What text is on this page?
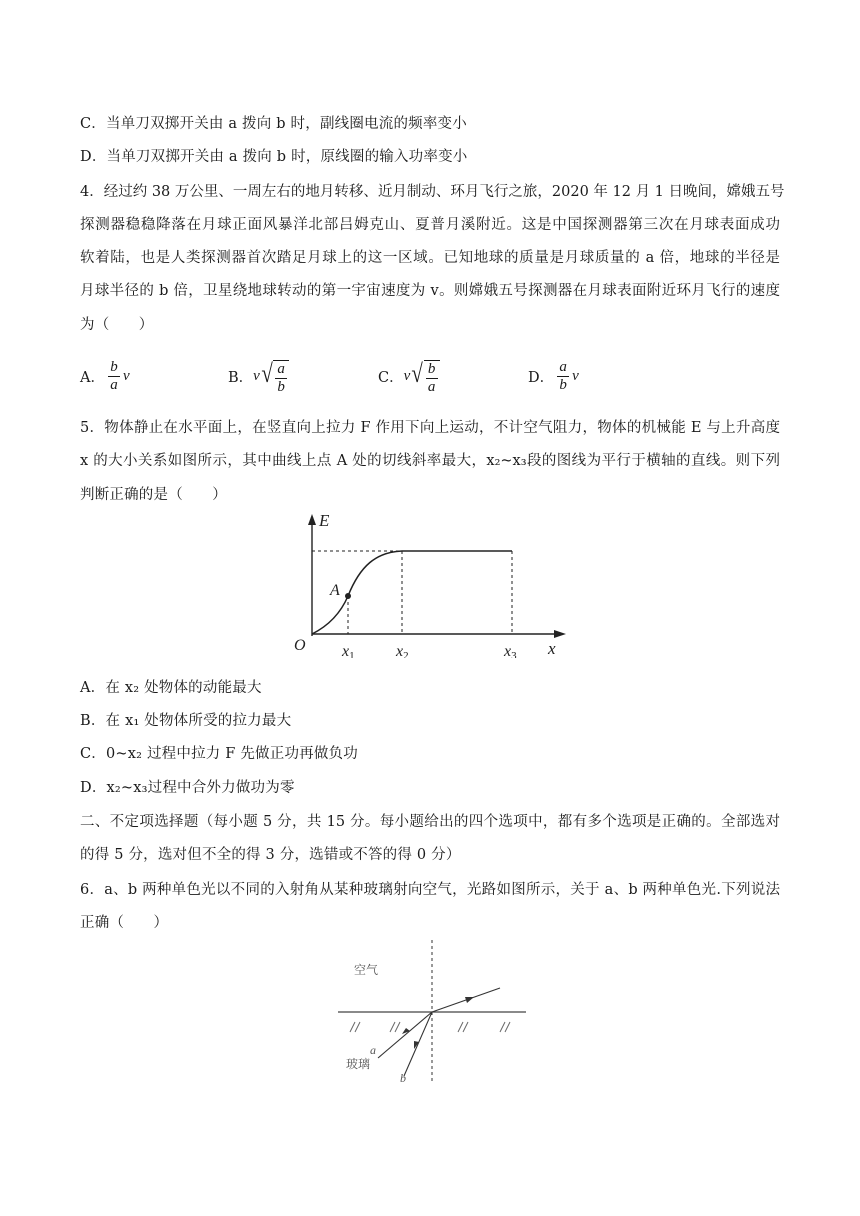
C．当单刀双掷开关由 a 拨向 b 时，副线圈电流的频率变小
D．当单刀双掷开关由 a 拨向 b 时，原线圈的输入功率变小
4．经过约 38 万公里、一周左右的地月转移、近月制动、环月飞行之旅，2020 年 12 月 1 日晚间，嫦娥五号
探测器稳稳降落在月球正面风暴洋北部吕姆克山、夏普月溪附近。这是中国探测器第三次在月球表面成功
软着陆，也是人类探测器首次踏足月球上的这一区域。已知地球的质量是月球质量的 a 倍，地球的半径是
月球半径的 b 倍，卫星绕地球转动的第一宇宙速度为 v。则嫦娥五号探测器在月球表面附近环月飞行的速度
为（　　）
A． $\frac{b}{a}$ v	B． v √ $\frac{a}{b}$	C． v √ $\frac{b}{a}$	D． $\frac{a}{b}$ v
5．物体静止在水平面上，在竖直向上拉力 F 作用下向上运动，不计空气阻力，物体的机械能 E 与上升高度
x 的大小关系如图所示，其中曲线上点 A 处的切线斜率最大，x₂~x₃段的图线为平行于横轴的直线。则下列
判断正确的是（　　）
E
A
O	x
x1	x2	x3
A．在 x₂ 处物体的动能最大
B．在 x₁ 处物体所受的拉力最大
C．0~x₂ 过程中拉力 F 先做正功再做负功
D．x₂~x₃过程中合外力做功为零
二、不定项选择题（每小题 5 分，共 15 分。每小题给出的四个选项中，都有多个选项是正确的。全部选对
的得 5 分，选对但不全的得 3 分，选错或不答的得 0 分）
6．a、b 两种单色光以不同的入射角从某种玻璃射向空气，光路如图所示，关于 a、b 两种单色光.下列说法
正确（　　）
空气
玻璃
a
b
